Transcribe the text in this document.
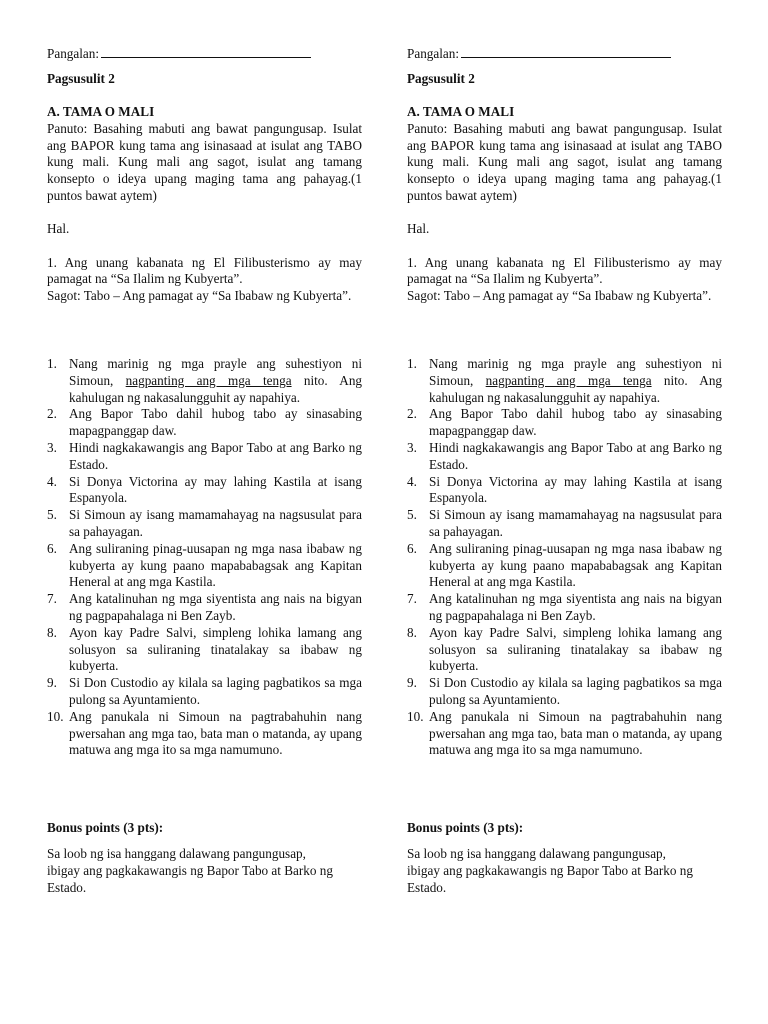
Pangalan:
Pagsusulit 2
A. TAMA O MALI
Panuto: Basahing mabuti ang bawat pangungusap. Isulat ang BAPOR kung tama ang isinasaad at isulat ang TABO kung mali. Kung mali ang sagot, isulat ang tamang konsepto o ideya upang maging tama ang pahayag.(1 puntos bawat aytem)
Hal.
1. Ang unang kabanata ng El Filibusterismo ay may pamagat na “Sa Ilalim ng Kubyerta”.
Sagot: Tabo – Ang pamagat ay “Sa Ibabaw ng Kubyerta”.
1. Nang marinig ng mga prayle ang suhestiyon ni Simoun, nagpanting ang mga tenga nito. Ang kahulugan ng nakasalungguhit ay napahiya.
2. Ang Bapor Tabo dahil hubog tabo ay sinasabing mapagpanggap daw.
3. Hindi nagkakawangis ang Bapor Tabo at ang Barko ng Estado.
4. Si Donya Victorina ay may lahing Kastila at isang Espanyola.
5. Si Simoun ay isang mamamahayag na nagsusulat para sa pahayagan.
6. Ang suliraning pinag-uusapan ng mga nasa ibabaw ng kubyerta ay kung paano mapababagsak ang Kapitan Heneral at ang mga Kastila.
7. Ang katalinuhan ng mga siyentista ang nais na bigyan ng pagpapahalaga ni Ben Zayb.
8. Ayon kay Padre Salvi, simpleng lohika lamang ang solusyon sa suliraning tinatalakay sa ibabaw ng kubyerta.
9. Si Don Custodio ay kilala sa laging pagbatikos sa mga pulong sa Ayuntamiento.
10. Ang panukala ni Simoun na pagtrabahuhin nang pwersahan ang mga tao, bata man o matanda, ay upang matuwa ang mga ito sa mga namumuno.
Bonus points (3 pts):
Sa loob ng isa hanggang dalawang pangungusap, ibigay ang pagkakawangis ng Bapor Tabo at Barko ng Estado.
Pangalan:
Pagsusulit 2
A. TAMA O MALI
Panuto: Basahing mabuti ang bawat pangungusap. Isulat ang BAPOR kung tama ang isinasaad at isulat ang TABO kung mali. Kung mali ang sagot, isulat ang tamang konsepto o ideya upang maging tama ang pahayag.(1 puntos bawat aytem)
Hal.
1. Ang unang kabanata ng El Filibusterismo ay may pamagat na “Sa Ilalim ng Kubyerta”.
Sagot: Tabo – Ang pamagat ay “Sa Ibabaw ng Kubyerta”.
1. Nang marinig ng mga prayle ang suhestiyon ni Simoun, nagpanting ang mga tenga nito. Ang kahulugan ng nakasalungguhit ay napahiya.
2. Ang Bapor Tabo dahil hubog tabo ay sinasabing mapagpanggap daw.
3. Hindi nagkakawangis ang Bapor Tabo at ang Barko ng Estado.
4. Si Donya Victorina ay may lahing Kastila at isang Espanyola.
5. Si Simoun ay isang mamamahayag na nagsusulat para sa pahayagan.
6. Ang suliraning pinag-uusapan ng mga nasa ibabaw ng kubyerta ay kung paano mapababagsak ang Kapitan Heneral at ang mga Kastila.
7. Ang katalinuhan ng mga siyentista ang nais na bigyan ng pagpapahalaga ni Ben Zayb.
8. Ayon kay Padre Salvi, simpleng lohika lamang ang solusyon sa suliraning tinatalakay sa ibabaw ng kubyerta.
9. Si Don Custodio ay kilala sa laging pagbatikos sa mga pulong sa Ayuntamiento.
10. Ang panukala ni Simoun na pagtrabahuhin nang pwersahan ang mga tao, bata man o matanda, ay upang matuwa ang mga ito sa mga namumuno.
Bonus points (3 pts):
Sa loob ng isa hanggang dalawang pangungusap, ibigay ang pagkakawangis ng Bapor Tabo at Barko ng Estado.
